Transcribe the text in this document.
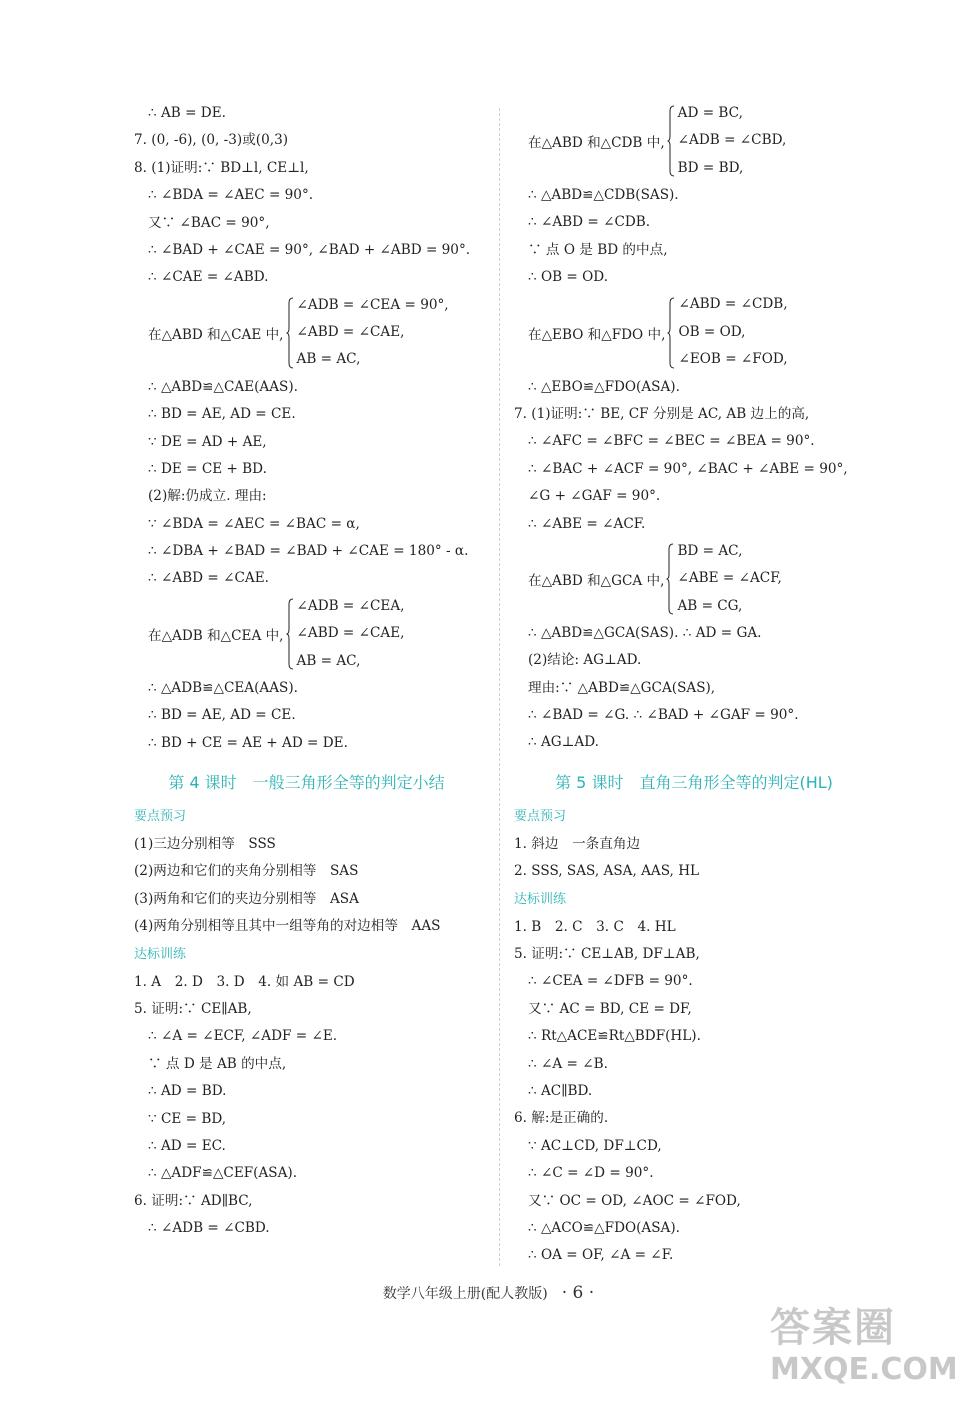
∴ AB = DE.
7. (0, -6), (0, -3)或(0,3)
8. (1)证明:∵ BD⊥l, CE⊥l,
∴ ∠BDA = ∠AEC = 90°.
又∵ ∠BAC = 90°,
∴ ∠BAD + ∠CAE = 90°, ∠BAD + ∠ABD = 90°.
∴ ∠CAE = ∠ABD.
在△ABD 和△CAE 中,
∠ADB = ∠CEA = 90°,
∠ABD = ∠CAE,
AB = AC,
∴ △ABD≌△CAE(AAS).
∴ BD = AE, AD = CE.
∵ DE = AD + AE,
∴ DE = CE + BD.
(2)解:仍成立. 理由:
∵ ∠BDA = ∠AEC = ∠BAC = α,
∴ ∠DBA + ∠BAD = ∠BAD + ∠CAE = 180° - α.
∴ ∠ABD = ∠CAE.
在△ADB 和△CEA 中,
∠ADB = ∠CEA,
∠ABD = ∠CAE,
AB = AC,
∴ △ADB≌△CEA(AAS).
∴ BD = AE, AD = CE.
∴ BD + CE = AE + AD = DE.
第 4 课时　一般三角形全等的判定小结
要点预习
(1)三边分别相等　SSS
(2)两边和它们的夹角分别相等　SAS
(3)两角和它们的夹边分别相等　ASA
(4)两角分别相等且其中一组等角的对边相等　AAS
达标训练
1. A　2. D　3. D　4. 如 AB = CD
5. 证明:∵ CE∥AB,
∴ ∠A = ∠ECF, ∠ADF = ∠E.
∵ 点 D 是 AB 的中点,
∴ AD = BD.
∵ CE = BD,
∴ AD = EC.
∴ △ADF≌△CEF(ASA).
6. 证明:∵ AD∥BC,
∴ ∠ADB = ∠CBD.
在△ABD 和△CDB 中,
AD = BC,
∠ADB = ∠CBD,
BD = BD,
∴ △ABD≌△CDB(SAS).
∴ ∠ABD = ∠CDB.
∵ 点 O 是 BD 的中点,
∴ OB = OD.
在△EBO 和△FDO 中,
∠ABD = ∠CDB,
OB = OD,
∠EOB = ∠FOD,
∴ △EBO≌△FDO(ASA).
7. (1)证明:∵ BE, CF 分别是 AC, AB 边上的高,
∴ ∠AFC = ∠BFC = ∠BEC = ∠BEA = 90°.
∴ ∠BAC + ∠ACF = 90°, ∠BAC + ∠ABE = 90°,
∠G + ∠GAF = 90°.
∴ ∠ABE = ∠ACF.
在△ABD 和△GCA 中,
BD = AC,
∠ABE = ∠ACF,
AB = CG,
∴ △ABD≌△GCA(SAS). ∴ AD = GA.
(2)结论: AG⊥AD.
理由:∵ △ABD≌△GCA(SAS),
∴ ∠BAD = ∠G. ∴ ∠BAD + ∠GAF = 90°.
∴ AG⊥AD.
第 5 课时　直角三角形全等的判定(HL)
要点预习
1. 斜边　一条直角边
2. SSS, SAS, ASA, AAS, HL
达标训练
1. B　2. C　3. C　4. HL
5. 证明:∵ CE⊥AB, DF⊥AB,
∴ ∠CEA = ∠DFB = 90°.
又∵ AC = BD, CE = DF,
∴ Rt△ACE≌Rt△BDF(HL).
∴ ∠A = ∠B.
∴ AC∥BD.
6. 解:是正确的.
∵ AC⊥CD, DF⊥CD,
∴ ∠C = ∠D = 90°.
又∵ OC = OD, ∠AOC = ∠FOD,
∴ △ACO≌△FDO(ASA).
∴ OA = OF, ∠A = ∠F.
数学八年级上册(配人教版) · 6 ·
答案圈
MXQE.COM
